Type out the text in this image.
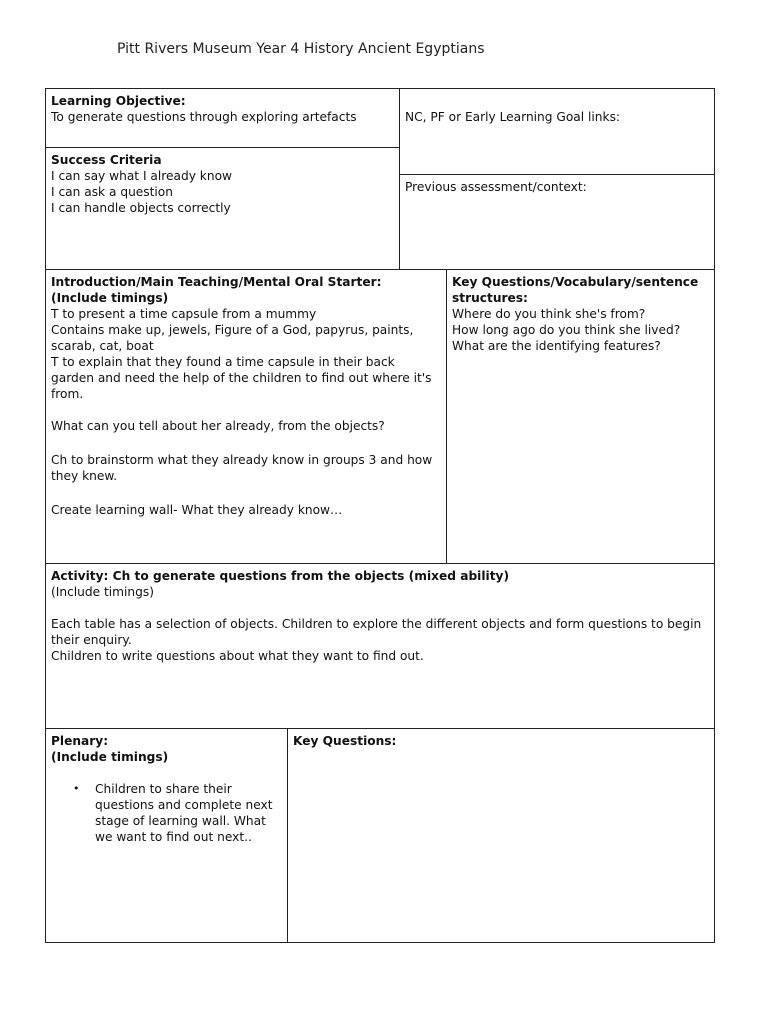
Pitt Rivers Museum Year 4 History Ancient Egyptians

Learning Objective:

To generate questions through exploring artefacts	NC, PF or Early Learning Goal links:

Success Criteria

I can say what I already know

I can ask a question

I can handle objects correctly

Previous assessment/context:

Introduction/Main Teaching/Mental Oral Starter:

(Include timings)

T to present a time capsule from a mummy

Contains make up, jewels, Figure of a God, papyrus, paints, scarab, cat, boat

T to explain that they found a time capsule in their back garden and need the help of the children to find out where it's from.

What can you tell about her already, from the objects?

Ch to brainstorm what they already know in groups 3 and how they knew.

Create learning wall- What they already know…

Key Questions/Vocabulary/sentence structures:

Where do you think she's from?

How long ago do you think she lived?

What are the identifying features?

Activity: Ch to generate questions from the objects (mixed ability)

(Include timings)

Each table has a selection of objects. Children to explore the different objects and form questions to begin their enquiry.

Children to write questions about what they want to find out.

Plenary:

(Include timings)

• Children to share their questions and complete next stage of learning wall. What we want to find out next..

Key Questions:
